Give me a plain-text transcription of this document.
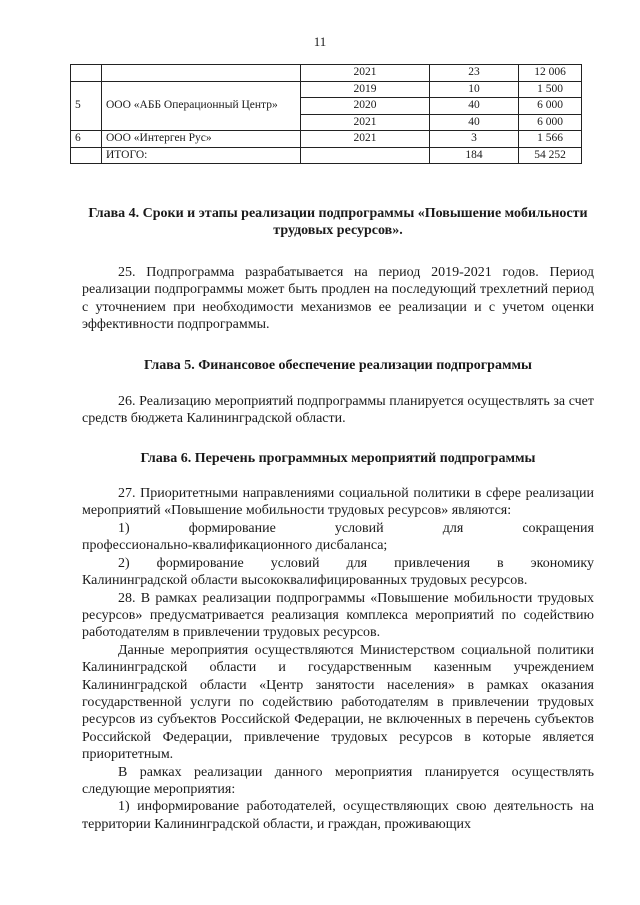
11
		2021	23	12 006
5	ООО «АББ Операционный Центр»	2019	10	1 500
		2020	40	6 000
		2021	40	6 000
6	ООО «Интерген Рус»	2021	3	1 566
	ИТОГО:		184	54 252
Глава 4. Сроки и этапы реализации подпрограммы «Повышение мобильности трудовых ресурсов».

25. Подпрограмма разрабатывается на период 2019-2021 годов. Период реализации подпрограммы может быть продлен на последующий трехлетний период с уточнением при необходимости механизмов ее реализации и с учетом оценки эффективности подпрограммы.

Глава 5. Финансовое обеспечение реализации подпрограммы

26. Реализацию мероприятий подпрограммы планируется осуществлять за счет средств бюджета Калининградской области.

Глава 6. Перечень программных мероприятий подпрограммы

27. Приоритетными направлениями социальной политики в сфере реализации мероприятий «Повышение мобильности трудовых ресурсов» являются:

1)	формирование	условий	для	сокращения

профессионально-квалификационного дисбаланса;

2) формирование условий для привлечения в экономику

Калининградской области высококвалифицированных трудовых ресурсов.

28. В рамках реализации подпрограммы «Повышение мобильности трудовых ресурсов» предусматривается реализация комплекса мероприятий по содействию работодателям в привлечении трудовых ресурсов.

Данные мероприятия осуществляются Министерством социальной политики Калининградской области и государственным казенным учреждением Калининградской области «Центр занятости населения» в рамках оказания государственной услуги по содействию работодателям в привлечении трудовых ресурсов из субъектов Российской Федерации, не включенных в перечень субъектов Российской Федерации, привлечение трудовых ресурсов в которые является приоритетным.

В рамках реализации данного мероприятия планируется осуществлять следующие мероприятия:

1) информирование работодателей, осуществляющих свою деятельность на территории Калининградской области, и граждан, проживающих
